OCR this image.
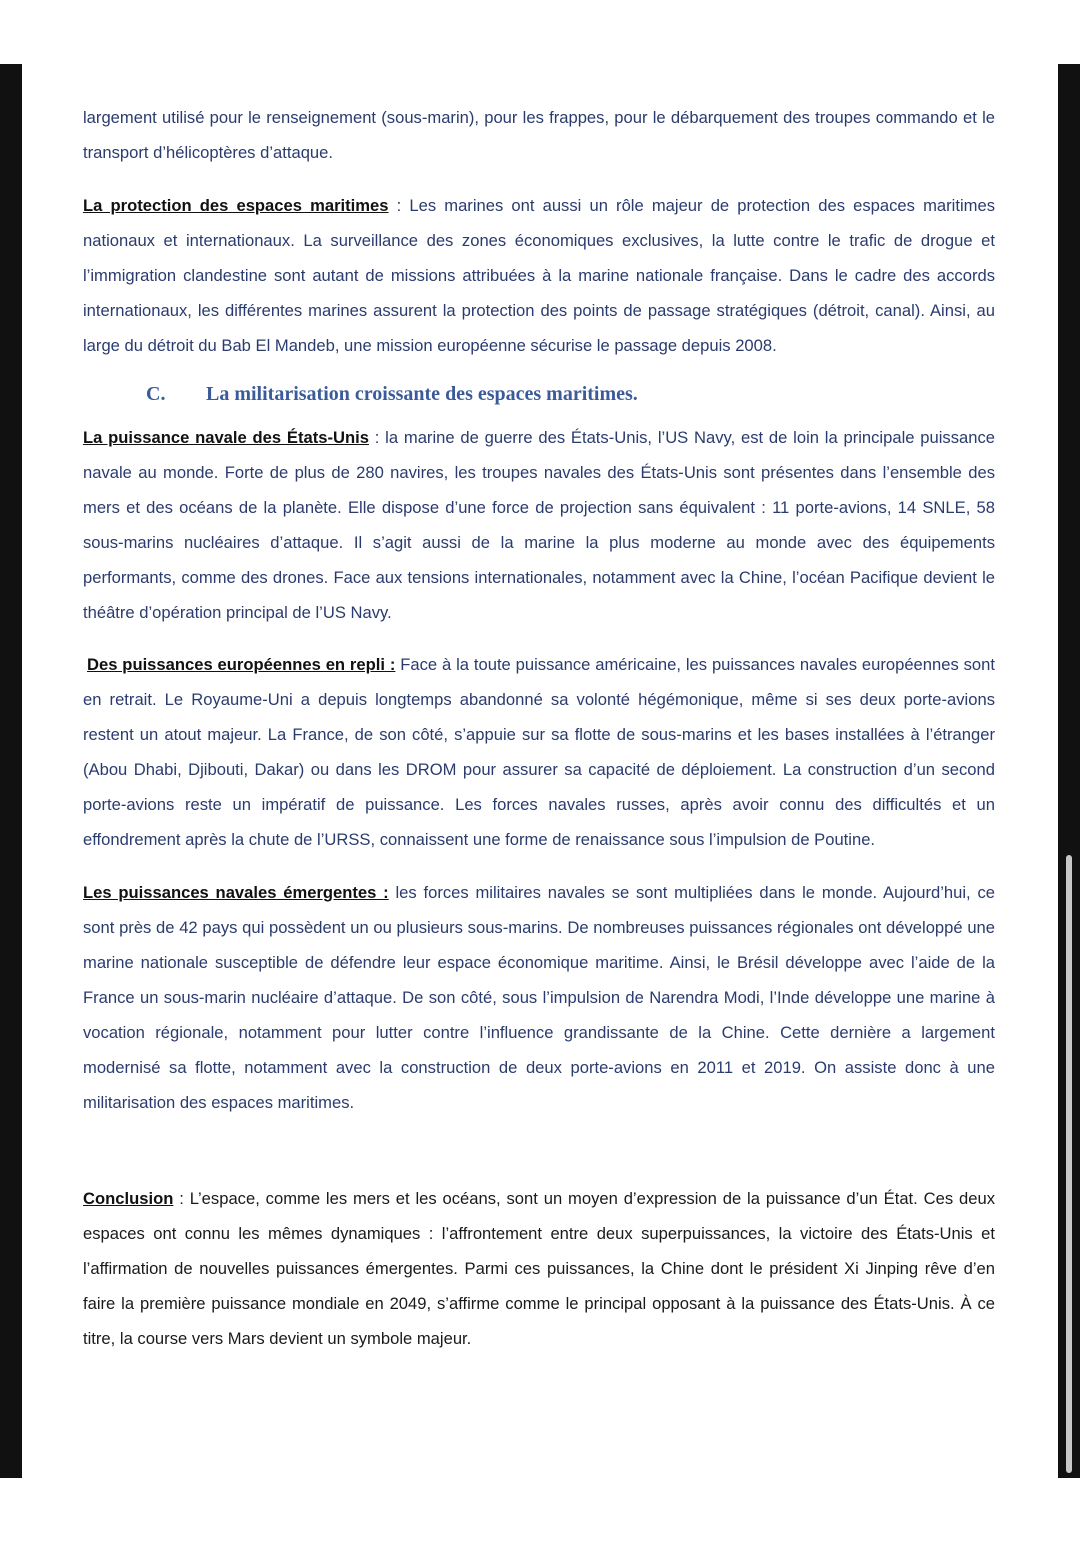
largement utilisé pour le renseignement (sous-marin), pour les frappes, pour le débarquement des troupes commando et le transport d’hélicoptères d’attaque.

La protection des espaces maritimes : Les marines ont aussi un rôle majeur de protection des espaces maritimes nationaux et internationaux. La surveillance des zones économiques exclusives, la lutte contre le trafic de drogue et l’immigration clandestine sont autant de missions attribuées à la marine nationale française. Dans le cadre des accords internationaux, les différentes marines assurent la protection des points de passage stratégiques (détroit, canal). Ainsi, au large du détroit du Bab El Mandeb, une mission européenne sécurise le passage depuis 2008.

C. La militarisation croissante des espaces maritimes.

La puissance navale des États-Unis : la marine de guerre des États-Unis, l’US Navy, est de loin la principale puissance navale au monde. Forte de plus de 280 navires, les troupes navales des États-Unis sont présentes dans l’ensemble des mers et des océans de la planète. Elle dispose d’une force de projection sans équivalent : 11 porte-avions, 14 SNLE, 58 sous-marins nucléaires d’attaque. Il s’agit aussi de la marine la plus moderne au monde avec des équipements performants, comme des drones. Face aux tensions internationales, notamment avec la Chine, l’océan Pacifique devient le théâtre d’opération principal de l’US Navy.

Des puissances européennes en repli : Face à la toute puissance américaine, les puissances navales européennes sont en retrait. Le Royaume-Uni a depuis longtemps abandonné sa volonté hégémonique, même si ses deux porte-avions restent un atout majeur. La France, de son côté, s’appuie sur sa flotte de sous-marins et les bases installées à l’étranger (Abou Dhabi, Djibouti, Dakar) ou dans les DROM pour assurer sa capacité de déploiement. La construction d’un second porte-avions reste un impératif de puissance. Les forces navales russes, après avoir connu des difficultés et un effondrement après la chute de l’URSS, connaissent une forme de renaissance sous l’impulsion de Poutine.

Les puissances navales émergentes : les forces militaires navales se sont multipliées dans le monde. Aujourd’hui, ce sont près de 42 pays qui possèdent un ou plusieurs sous-marins. De nombreuses puissances régionales ont développé une marine nationale susceptible de défendre leur espace économique maritime. Ainsi, le Brésil développe avec l’aide de la France un sous-marin nucléaire d’attaque. De son côté, sous l’impulsion de Narendra Modi, l’Inde développe une marine à vocation régionale, notamment pour lutter contre l’influence grandissante de la Chine. Cette dernière a largement modernisé sa flotte, notamment avec la construction de deux porte-avions en 2011 et 2019. On assiste donc à une militarisation des espaces maritimes.

Conclusion : L’espace, comme les mers et les océans, sont un moyen d’expression de la puissance d’un État. Ces deux espaces ont connu les mêmes dynamiques : l’affrontement entre deux superpuissances, la victoire des États-Unis et l’affirmation de nouvelles puissances émergentes. Parmi ces puissances, la Chine dont le président Xi Jinping rêve d’en faire la première puissance mondiale en 2049, s’affirme comme le principal opposant à la puissance des États-Unis. À ce titre, la course vers Mars devient un symbole majeur.
